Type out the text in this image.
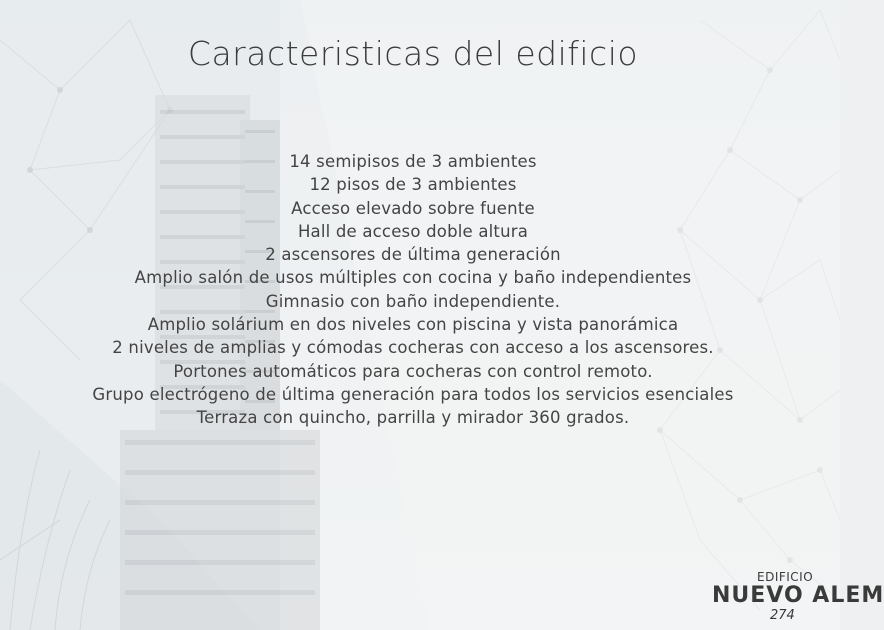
Caracteristicas del edificio
14 semipisos de 3 ambientes
12 pisos de 3 ambientes
Acceso elevado sobre fuente
Hall de acceso doble altura
2 ascensores de última generación
Amplio salón de usos múltiples con cocina y baño independientes
Gimnasio con baño independiente.
Amplio solárium en dos niveles con piscina y vista panorámica
2 niveles de amplias y cómodas cocheras con acceso a los ascensores.
Portones automáticos para cocheras con control remoto.
Grupo electrógeno de última generación para todos los servicios esenciales
Terraza con quincho, parrilla y mirador 360 grados.
EDIFICIO
NUEVO ALEM
274
